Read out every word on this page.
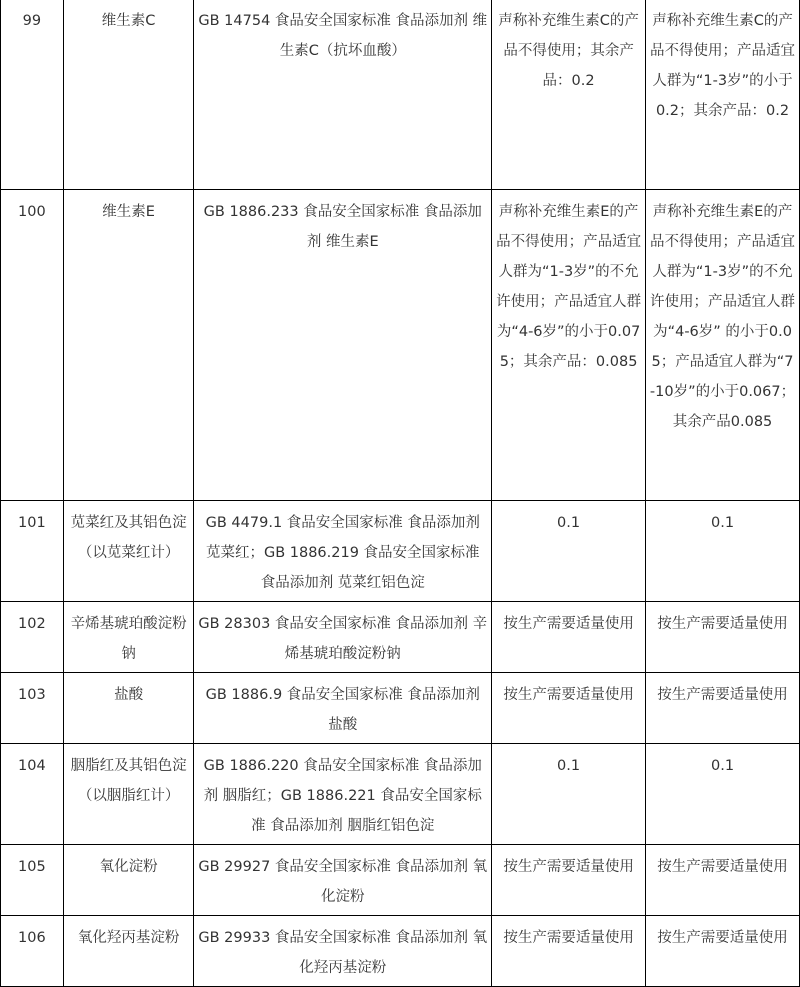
99	维生素C	GB 14754 食品安全国家标准 食品添加剂 维生素C（抗坏血酸）	声称补充维生素C的产品不得使用；其余产品：0.2	声称补充维生素C的产品不得使用；产品适宜人群为“1-3岁”的小于0.2；其余产品：0.2
100	维生素E	GB 1886.233 食品安全国家标准 食品添加剂 维生素E	声称补充维生素E的产品不得使用；产品适宜人群为“1-3岁”的不允许使用；产品适宜人群为“4-6岁”的小于0.075；其余产品：0.085	声称补充维生素E的产品不得使用；产品适宜人群为“1-3岁”的不允许使用；产品适宜人群为“4-6岁” 的小于0.05；产品适宜人群为“7-10岁”的小于0.067；其余产品0.085
101	苋菜红及其铝色淀（以苋菜红计）	GB 4479.1 食品安全国家标准 食品添加剂 苋菜红；GB 1886.219 食品安全国家标准 食品添加剂 苋菜红铝色淀	0.1	0.1
102	辛烯基琥珀酸淀粉钠	GB 28303 食品安全国家标准 食品添加剂 辛烯基琥珀酸淀粉钠	按生产需要适量使用	按生产需要适量使用
103	盐酸	GB 1886.9 食品安全国家标准 食品添加剂 盐酸	按生产需要适量使用	按生产需要适量使用
104	胭脂红及其铝色淀（以胭脂红计）	GB 1886.220 食品安全国家标准 食品添加剂 胭脂红；GB 1886.221 食品安全国家标准 食品添加剂 胭脂红铝色淀	0.1	0.1
105	氧化淀粉	GB 29927 食品安全国家标准 食品添加剂 氧化淀粉	按生产需要适量使用	按生产需要适量使用
106	氧化羟丙基淀粉	GB 29933 食品安全国家标准 食品添加剂 氧化羟丙基淀粉	按生产需要适量使用	按生产需要适量使用
